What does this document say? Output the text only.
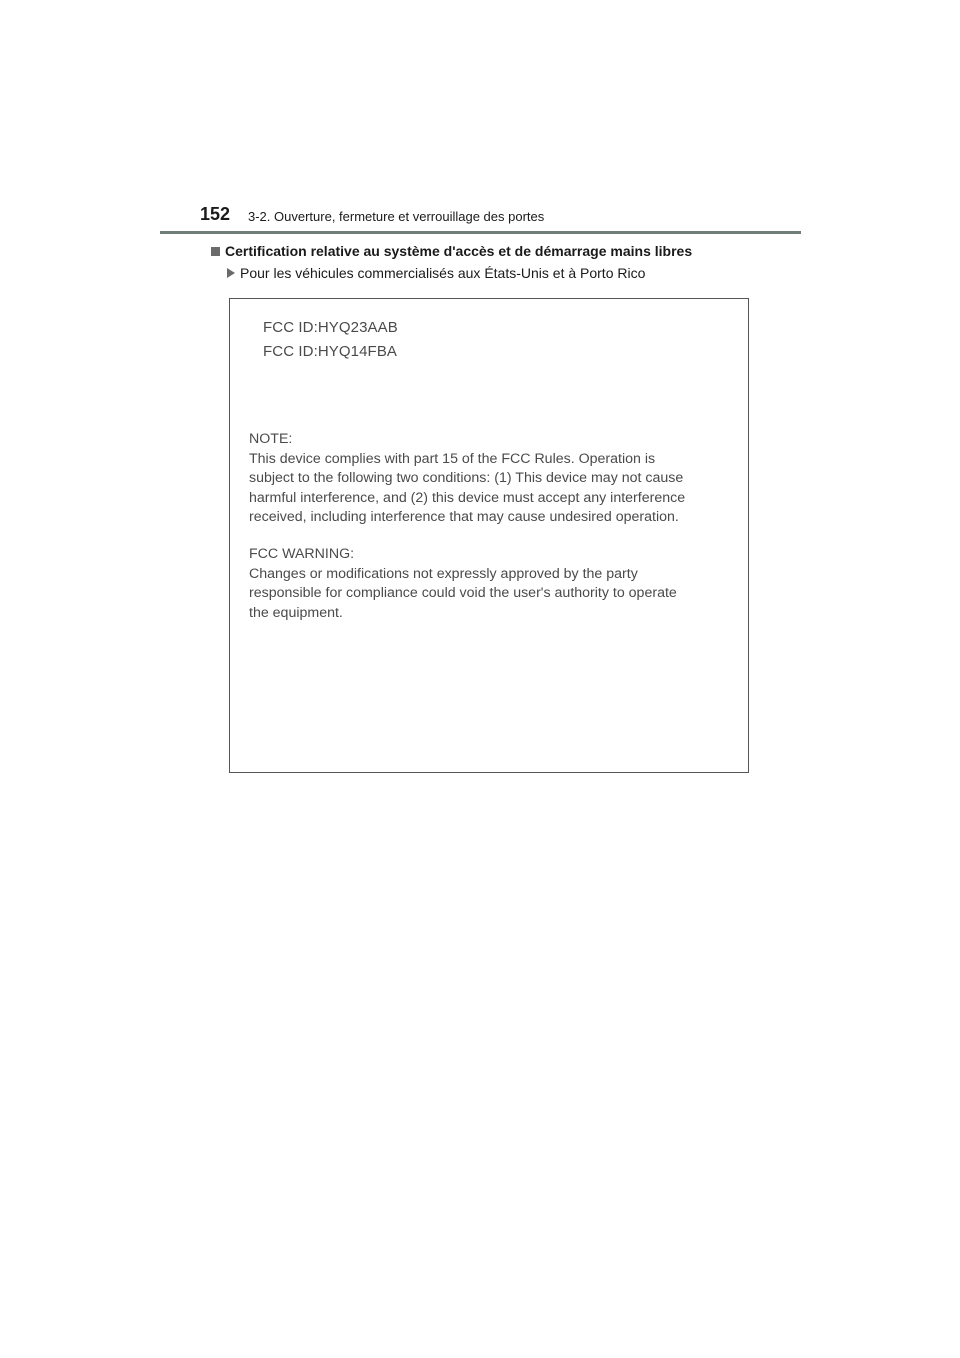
152 3-2. Ouverture, fermeture et verrouillage des portes
Certification relative au système d'accès et de démarrage mains libres
Pour les véhicules commercialisés aux États-Unis et à Porto Rico
FCC ID:HYQ23AAB
FCC ID:HYQ14FBA
NOTE:
This device complies with part 15 of the FCC Rules. Operation is
subject to the following two conditions: (1) This device may not cause
harmful interference, and (2) this device must accept any interference
received, including interference that may cause undesired operation.
FCC WARNING:
Changes or modifications not expressly approved by the party
responsible for compliance could void the user's authority to operate
the equipment.
